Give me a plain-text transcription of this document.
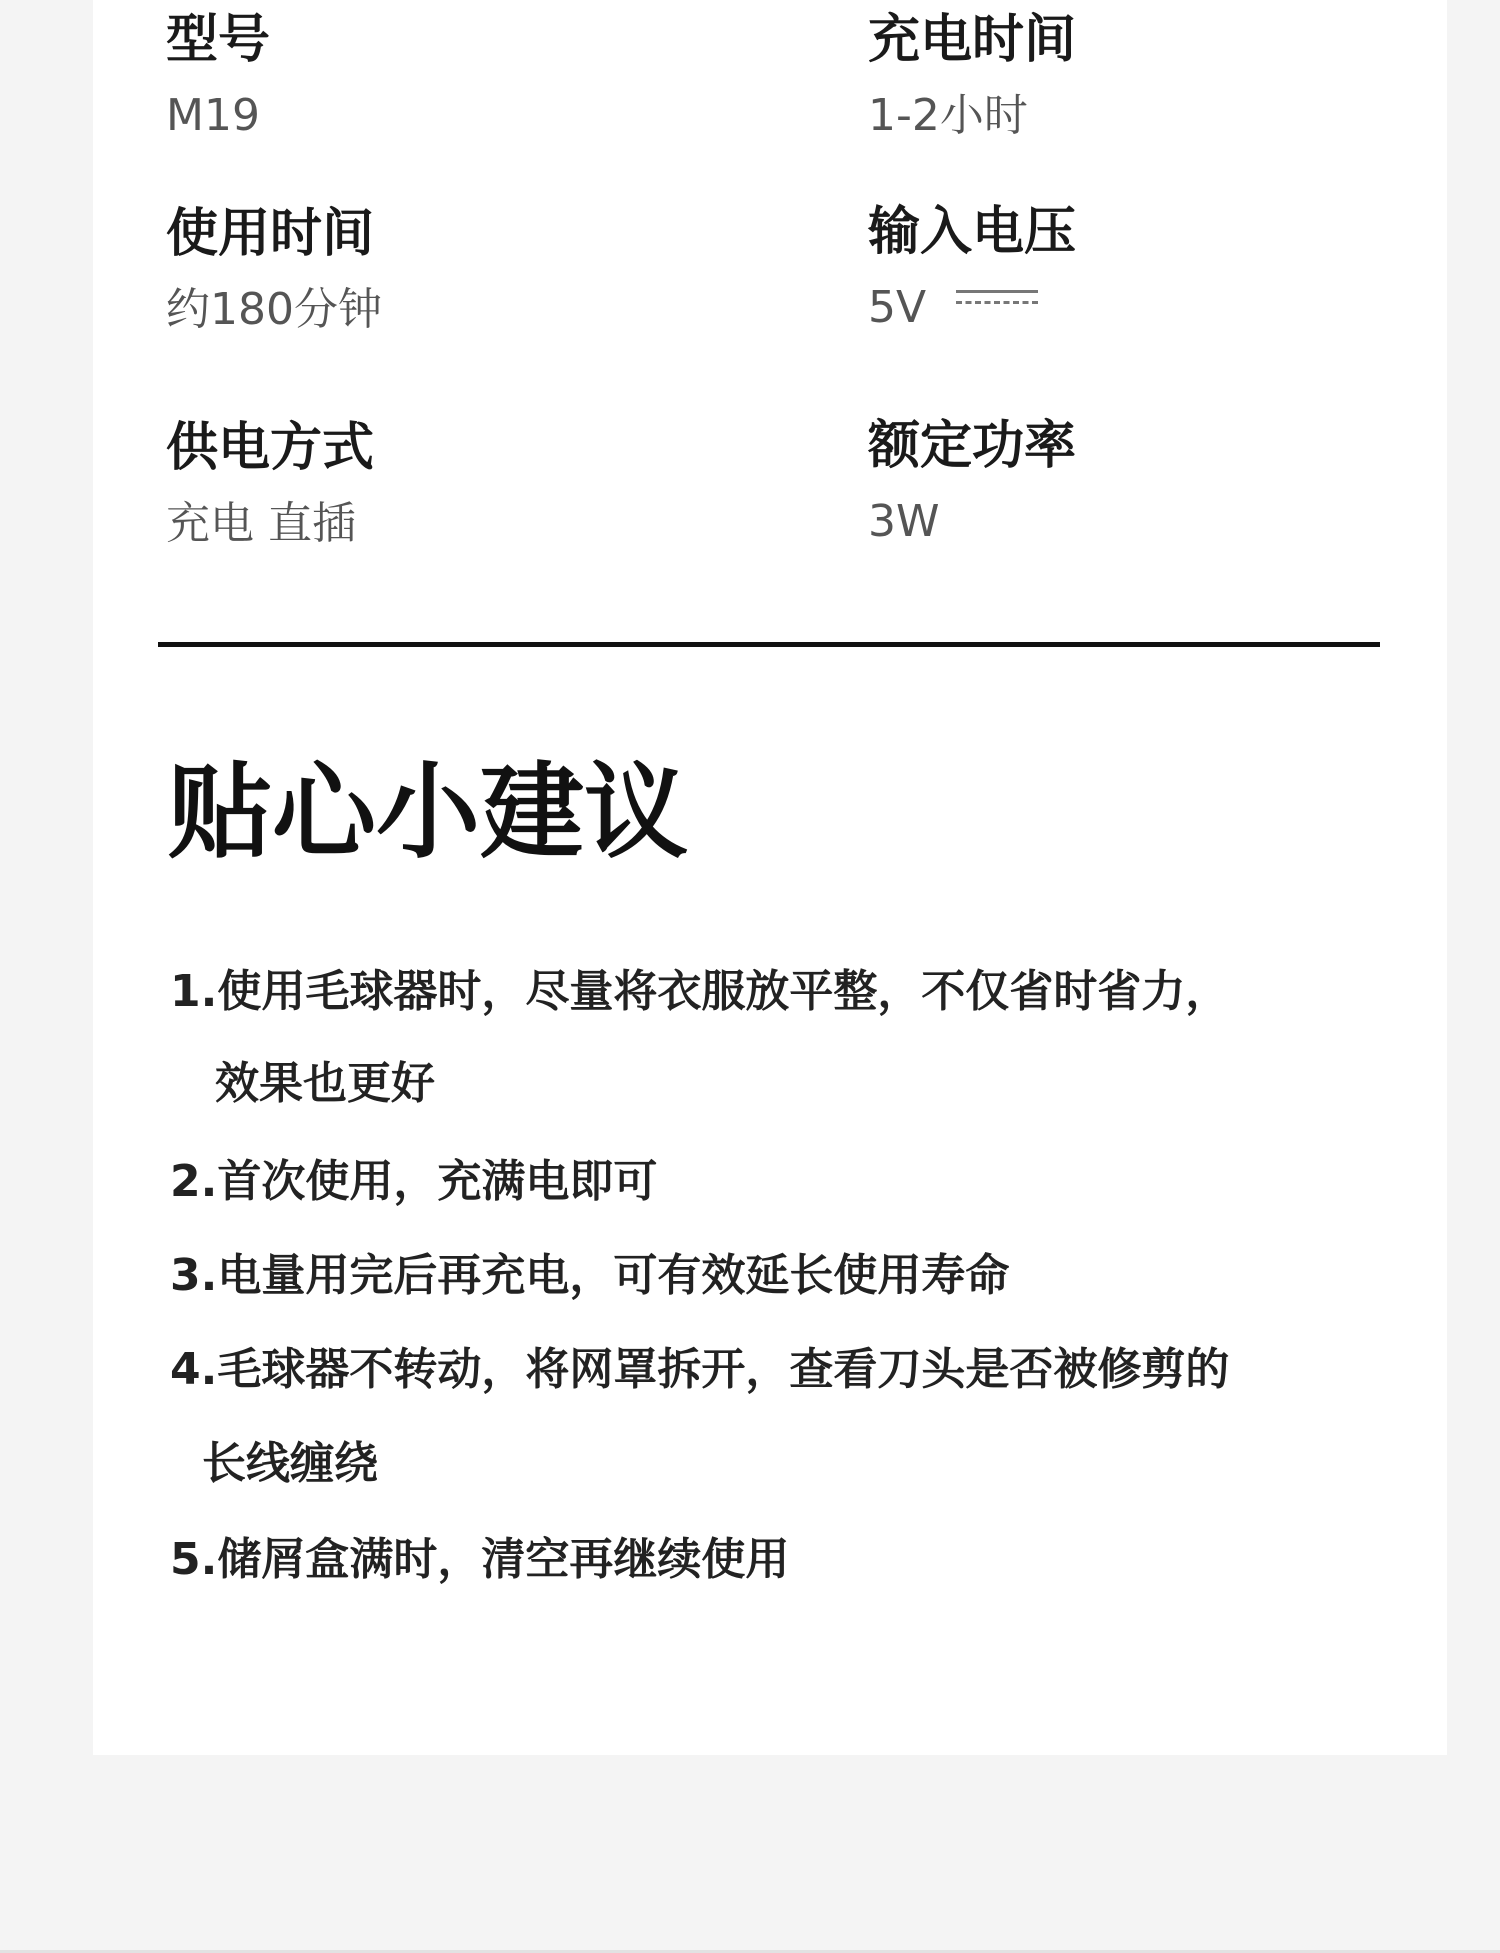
型号
M19
充电时间
1-2小时
使用时间
约180分钟
输入电压
5V
供电方式
充电 直插
额定功率
3W
贴心小建议
1.使用毛球器时，尽量将衣服放平整，不仅省时省力，
效果也更好
2.首次使用，充满电即可
3.电量用完后再充电，可有效延长使用寿命
4.毛球器不转动，将网罩拆开，查看刀头是否被修剪的
长线缠绕
5.储屑盒满时，清空再继续使用
